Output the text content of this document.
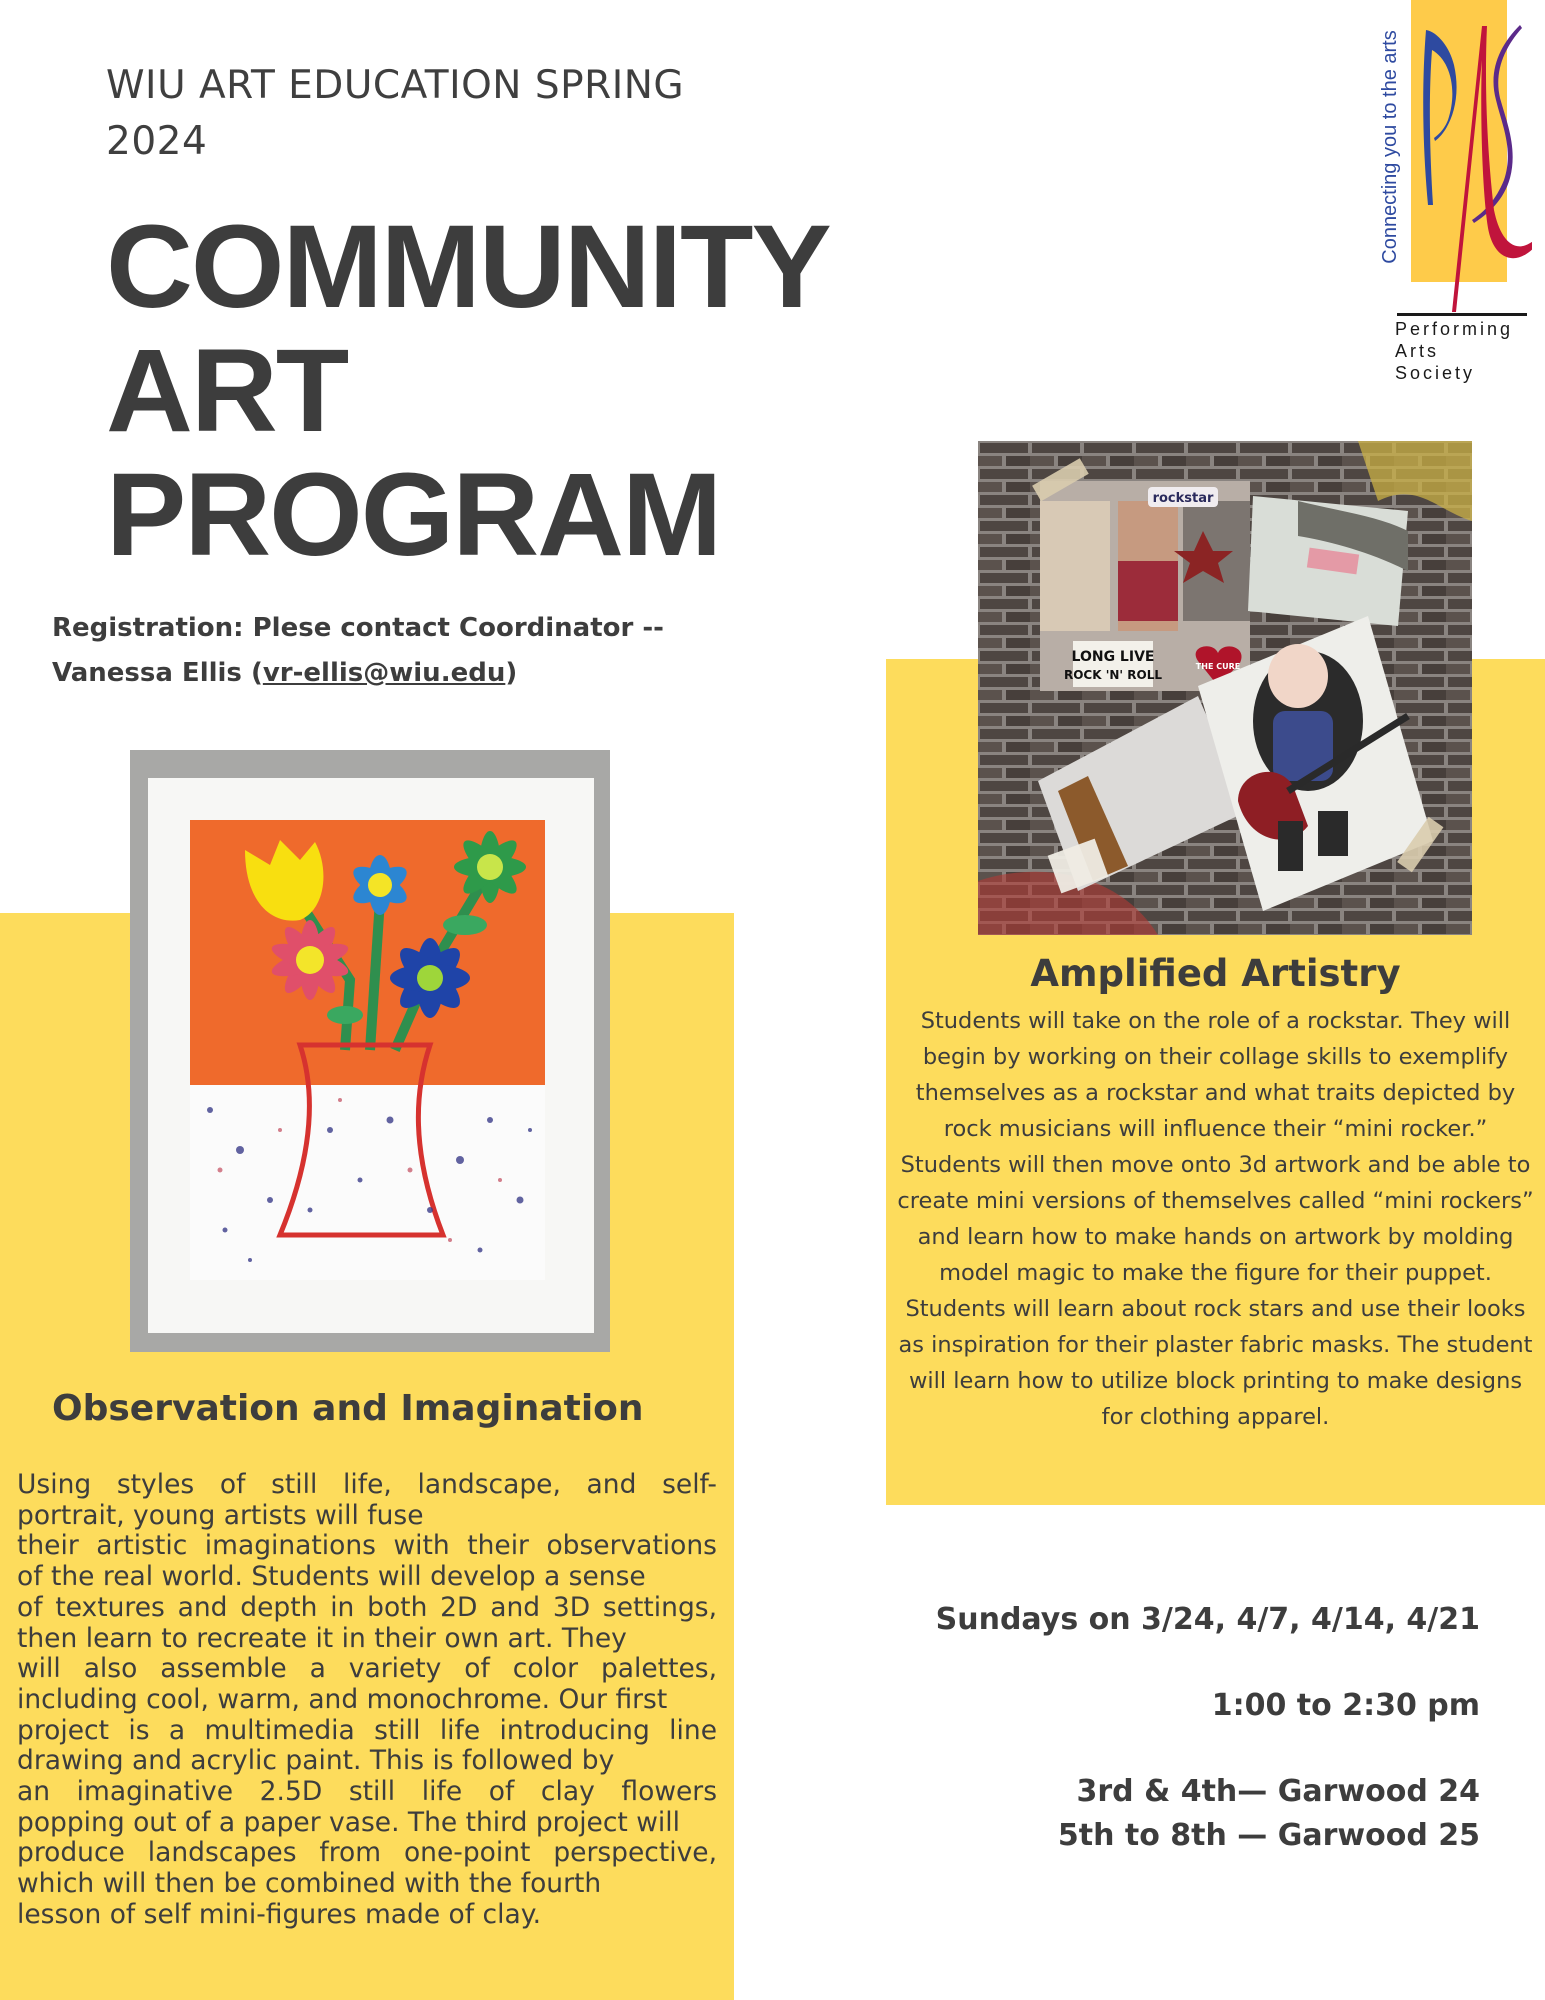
WIU ART EDUCATION SPRING
2024
COMMUNITY
ART
PROGRAM
Registration: Plese contact Coordinator --
Vanessa Ellis (vr-ellis@wiu.edu)
Connecting you to the arts
Performing
Arts
Society
rockstar
LONG LIVE
ROCK 'N' ROLL
THE CURE
Amplified Artistry
Students will take on the role of a rockstar. They will
begin by working on their collage skills to exemplify
themselves as a rockstar and what traits depicted by
rock musicians will influence their “mini rocker.”
Students will then move onto 3d artwork and be able to
create mini versions of themselves called “mini rockers”
and learn how to make hands on artwork by molding
model magic to make the figure for their puppet.
Students will learn about rock stars and use their looks
as inspiration for their plaster fabric masks. The student
will learn how to utilize block printing to make designs
for clothing apparel.
Observation and Imagination
Using styles of still life, landscape, and self-
portrait, young artists will fuse
their artistic imaginations with their observations
of the real world. Students will develop a sense
of textures and depth in both 2D and 3D settings,
then learn to recreate it in their own art. They
will also assemble a variety of color palettes,
including cool, warm, and monochrome. Our first
project is a multimedia still life introducing line
drawing and acrylic paint. This is followed by
an imaginative 2.5D still life of clay flowers
popping out of a paper vase. The third project will
produce landscapes from one-point perspective,
which will then be combined with the fourth
lesson of self mini-figures made of clay.
Sundays on 3/24, 4/7, 4/14, 4/21
1:00 to 2:30 pm
3rd & 4th— Garwood 24
5th to 8th — Garwood 25
